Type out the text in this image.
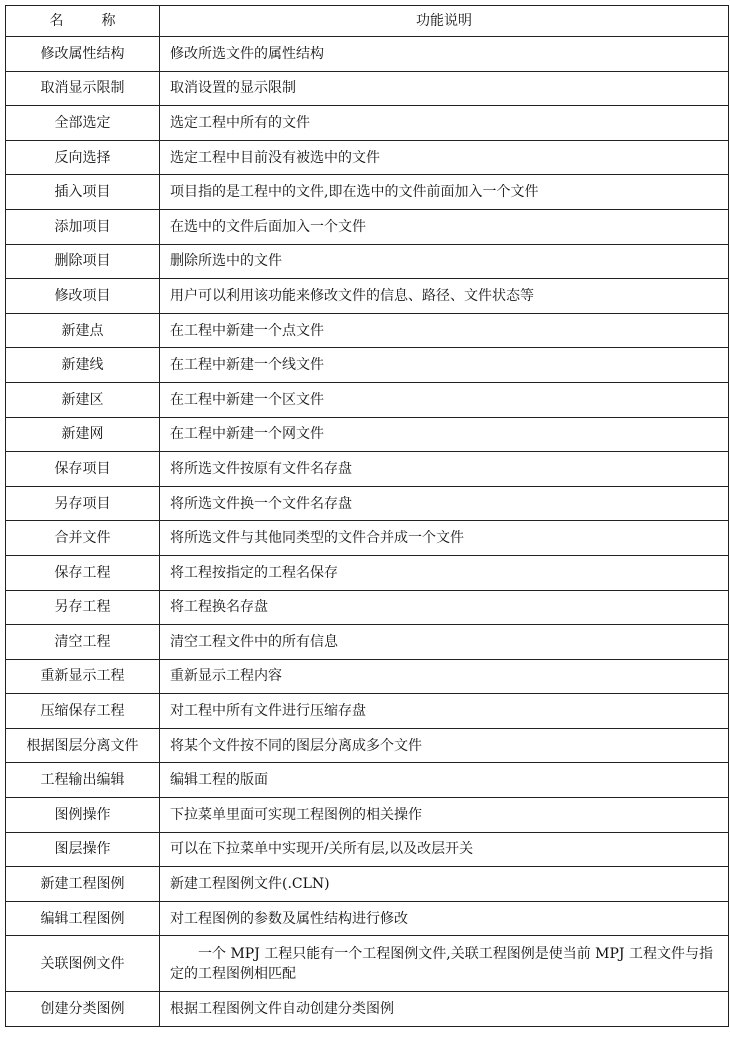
名 称	功能说明
修改属性结构	修改所选文件的属性结构
取消显示限制	取消设置的显示限制
全部选定	选定工程中所有的文件
反向选择	选定工程中目前没有被选中的文件
插入项目	项目指的是工程中的文件,即在选中的文件前面加入一个文件
添加项目	在选中的文件后面加入一个文件
删除项目	删除所选中的文件
修改项目	用户可以利用该功能来修改文件的信息、路径、文件状态等
新建点	在工程中新建一个点文件
新建线	在工程中新建一个线文件
新建区	在工程中新建一个区文件
新建网	在工程中新建一个网文件
保存项目	将所选文件按原有文件名存盘
另存项目	将所选文件换一个文件名存盘
合并文件	将所选文件与其他同类型的文件合并成一个文件
保存工程	将工程按指定的工程名保存
另存工程	将工程换名存盘
清空工程	清空工程文件中的所有信息
重新显示工程	重新显示工程内容
压缩保存工程	对工程中所有文件进行压缩存盘
根据图层分离文件	将某个文件按不同的图层分离成多个文件
工程输出编辑	编辑工程的版面
图例操作	下拉菜单里面可实现工程图例的相关操作
图层操作	可以在下拉菜单中实现开/关所有层,以及改层开关
新建工程图例	新建工程图例文件(.CLN)
编辑工程图例	对工程图例的参数及属性结构进行修改
关联图例文件	一个 MPJ 工程只能有一个工程图例文件,关联工程图例是使当前 MPJ 工程文件与指定的工程图例相匹配
创建分类图例	根据工程图例文件自动创建分类图例
